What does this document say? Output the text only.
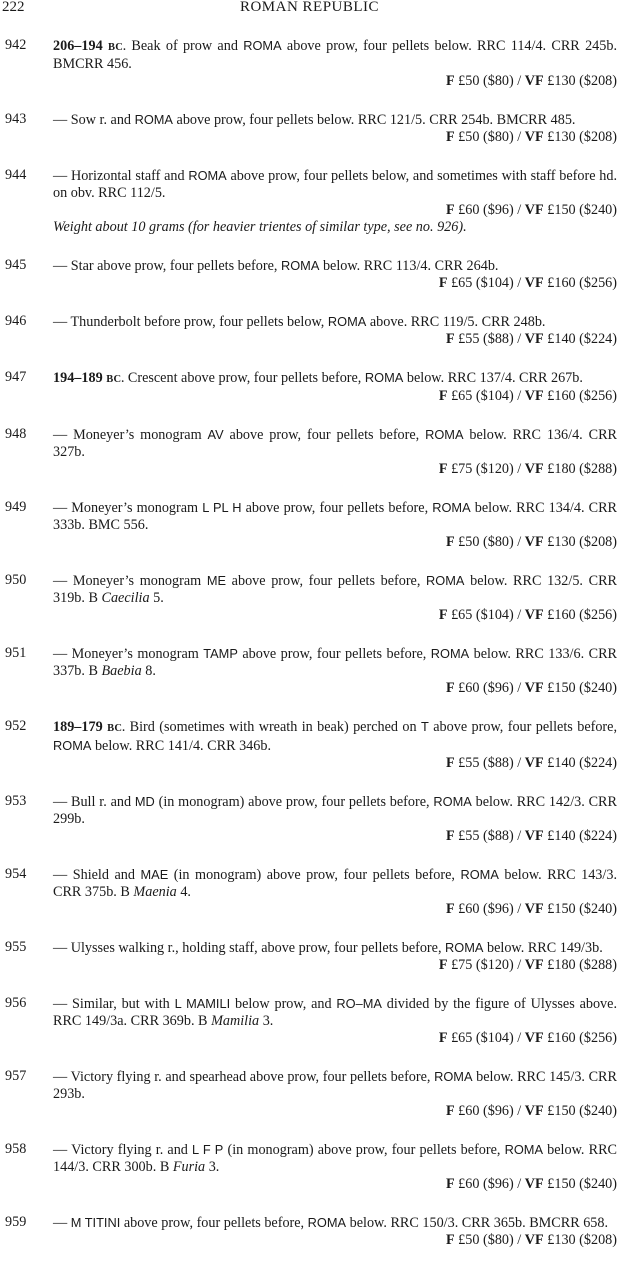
222	ROMAN REPUBLIC
942 206–194 BC. Beak of prow and ROMA above prow, four pellets below. RRC 114/4. CRR 245b. BMCRR 456.
F £50 ($80) / VF £130 ($208)
943 — Sow r. and ROMA above prow, four pellets below. RRC 121/5. CRR 254b. BMCRR 485.
F £50 ($80) / VF £130 ($208)
944 — Horizontal staff and ROMA above prow, four pellets below, and sometimes with staff before hd. on obv. RRC 112/5.
F £60 ($96) / VF £150 ($240)
Weight about 10 grams (for heavier trientes of similar type, see no. 926).
945 — Star above prow, four pellets before, ROMA below. RRC 113/4. CRR 264b.
F £65 ($104) / VF £160 ($256)
946 — Thunderbolt before prow, four pellets below, ROMA above. RRC 119/5. CRR 248b.
F £55 ($88) / VF £140 ($224)
947 194–189 BC. Crescent above prow, four pellets before, ROMA below. RRC 137/4. CRR 267b.
F £65 ($104) / VF £160 ($256)
948 — Moneyer’s monogram AV above prow, four pellets before, ROMA below. RRC 136/4. CRR 327b.
F £75 ($120) / VF £180 ($288)
949 — Moneyer’s monogram L PL H above prow, four pellets before, ROMA below. RRC 134/4. CRR 333b. BMC 556.
F £50 ($80) / VF £130 ($208)
950 — Moneyer’s monogram ME above prow, four pellets before, ROMA below. RRC 132/5. CRR 319b. B Caecilia 5.
F £65 ($104) / VF £160 ($256)
951 — Moneyer’s monogram TAMP above prow, four pellets before, ROMA below. RRC 133/6. CRR 337b. B Baebia 8.
F £60 ($96) / VF £150 ($240)
952 189–179 BC. Bird (sometimes with wreath in beak) perched on T above prow, four pellets before, ROMA below. RRC 141/4. CRR 346b.
F £55 ($88) / VF £140 ($224)
953 — Bull r. and MD (in monogram) above prow, four pellets before, ROMA below. RRC 142/3. CRR 299b.
F £55 ($88) / VF £140 ($224)
954 — Shield and MAE (in monogram) above prow, four pellets before, ROMA below. RRC 143/3. CRR 375b. B Maenia 4.
F £60 ($96) / VF £150 ($240)
955 — Ulysses walking r., holding staff, above prow, four pellets before, ROMA below. RRC 149/3b.
F £75 ($120) / VF £180 ($288)
956 — Similar, but with L MAMILI below prow, and RO–MA divided by the figure of Ulysses above. RRC 149/3a. CRR 369b. B Mamilia 3.
F £65 ($104) / VF £160 ($256)
957 — Victory flying r. and spearhead above prow, four pellets before, ROMA below. RRC 145/3. CRR 293b.
F £60 ($96) / VF £150 ($240)
958 — Victory flying r. and L F P (in monogram) above prow, four pellets before, ROMA below. RRC 144/3. CRR 300b. B Furia 3.
F £60 ($96) / VF £150 ($240)
959 — M TITINI above prow, four pellets before, ROMA below. RRC 150/3. CRR 365b. BMCRR 658.
F £50 ($80) / VF £130 ($208)
